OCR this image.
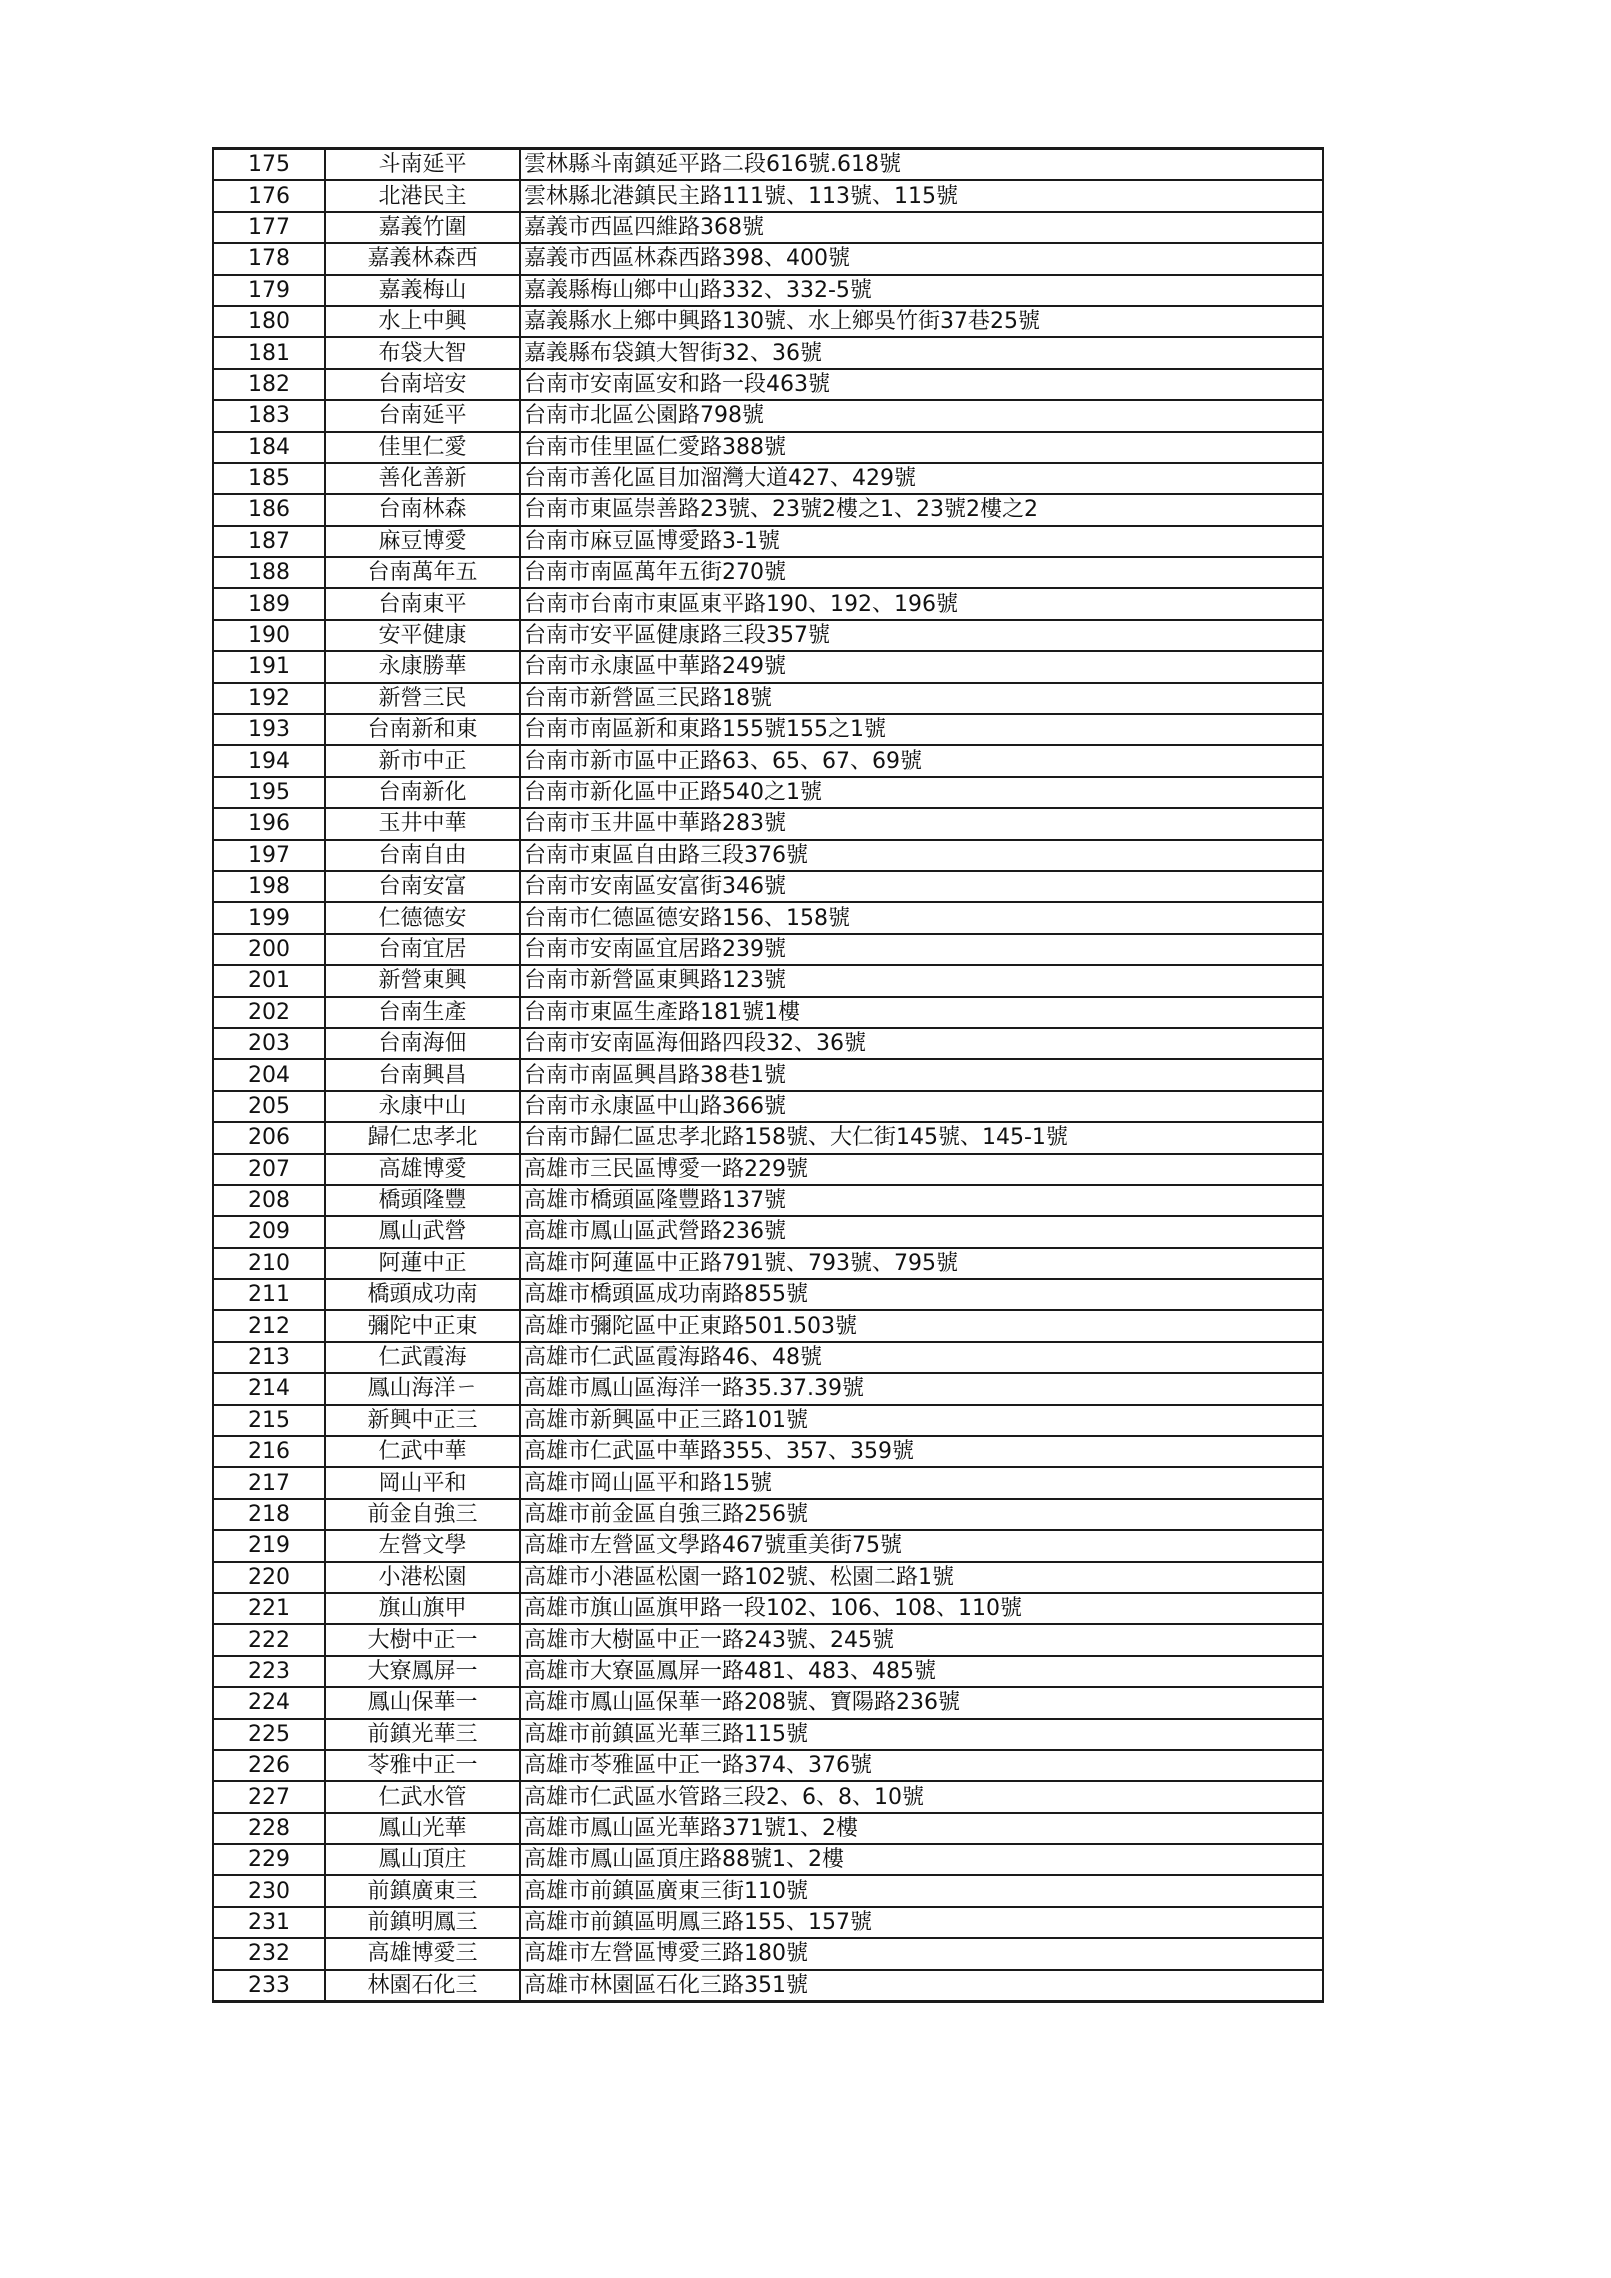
175	斗南延平	雲林縣斗南鎮延平路二段616號.618號
176	北港民主	雲林縣北港鎮民主路111號、113號、115號
177	嘉義竹圍	嘉義市西區四維路368號
178	嘉義林森西	嘉義市西區林森西路398、400號
179	嘉義梅山	嘉義縣梅山鄉中山路332、332-5號
180	水上中興	嘉義縣水上鄉中興路130號、水上鄉吳竹街37巷25號
181	布袋大智	嘉義縣布袋鎮大智街32、36號
182	台南培安	台南市安南區安和路一段463號
183	台南延平	台南市北區公園路798號
184	佳里仁愛	台南市佳里區仁愛路388號
185	善化善新	台南市善化區目加溜灣大道427、429號
186	台南林森	台南市東區崇善路23號、23號2樓之1、23號2樓之2
187	麻豆博愛	台南市麻豆區博愛路3-1號
188	台南萬年五	台南市南區萬年五街270號
189	台南東平	台南市台南市東區東平路190、192、196號
190	安平健康	台南市安平區健康路三段357號
191	永康勝華	台南市永康區中華路249號
192	新營三民	台南市新營區三民路18號
193	台南新和東	台南市南區新和東路155號155之1號
194	新市中正	台南市新市區中正路63、65、67、69號
195	台南新化	台南市新化區中正路540之1號
196	玉井中華	台南市玉井區中華路283號
197	台南自由	台南市東區自由路三段376號
198	台南安富	台南市安南區安富街346號
199	仁德德安	台南市仁德區德安路156、158號
200	台南宜居	台南市安南區宜居路239號
201	新營東興	台南市新營區東興路123號
202	台南生產	台南市東區生產路181號1樓
203	台南海佃	台南市安南區海佃路四段32、36號
204	台南興昌	台南市南區興昌路38巷1號
205	永康中山	台南市永康區中山路366號
206	歸仁忠孝北	台南市歸仁區忠孝北路158號、大仁街145號、145-1號
207	高雄博愛	高雄市三民區博愛一路229號
208	橋頭隆豐	高雄市橋頭區隆豐路137號
209	鳳山武營	高雄市鳳山區武營路236號
210	阿蓮中正	高雄市阿蓮區中正路791號、793號、795號
211	橋頭成功南	高雄市橋頭區成功南路855號
212	彌陀中正東	高雄市彌陀區中正東路501.503號
213	仁武霞海	高雄市仁武區霞海路46、48號
214	鳳山海洋ㄧ	高雄市鳳山區海洋一路35.37.39號
215	新興中正三	高雄市新興區中正三路101號
216	仁武中華	高雄市仁武區中華路355、357、359號
217	岡山平和	高雄市岡山區平和路15號
218	前金自強三	高雄市前金區自強三路256號
219	左營文學	高雄市左營區文學路467號重美街75號
220	小港松園	高雄市小港區松園一路102號、松園二路1號
221	旗山旗甲	高雄市旗山區旗甲路一段102、106、108、110號
222	大樹中正一	高雄市大樹區中正一路243號、245號
223	大寮鳳屏一	高雄市大寮區鳳屏一路481、483、485號
224	鳳山保華一	高雄市鳳山區保華一路208號、寶陽路236號
225	前鎮光華三	高雄市前鎮區光華三路115號
226	苓雅中正一	高雄市苓雅區中正一路374、376號
227	仁武水管	高雄市仁武區水管路三段2、6、8、10號
228	鳳山光華	高雄市鳳山區光華路371號1、2樓
229	鳳山頂庄	高雄市鳳山區頂庄路88號1、2樓
230	前鎮廣東三	高雄市前鎮區廣東三街110號
231	前鎮明鳳三	高雄市前鎮區明鳳三路155、157號
232	高雄博愛三	高雄市左營區博愛三路180號
233	林園石化三	高雄市林園區石化三路351號
